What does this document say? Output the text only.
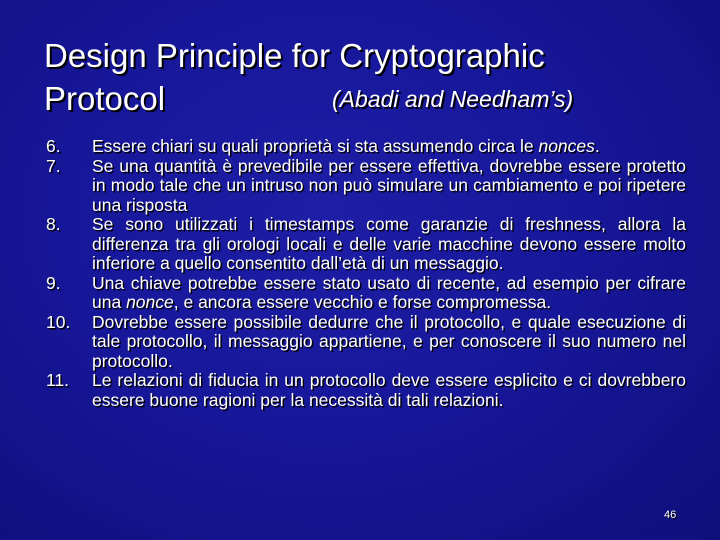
Design Principle for Cryptographic
Protocol	(Abadi and Needham’s)
6. Essere chiari su quali proprietà si sta assumendo circa le nonces.
7. Se una quantità è prevedibile per essere effettiva, dovrebbe essere protetto in modo tale che un intruso non può simulare un cambiamento e poi ripetere una risposta
8. Se sono utilizzati i timestamps come garanzie di freshness, allora la differenza tra gli orologi locali e delle varie macchine devono essere molto inferiore a quello consentito dall’età di un messaggio.
9. Una chiave potrebbe essere stato usato di recente, ad esempio per cifrare una nonce, e ancora essere vecchio e forse compromessa.
10. Dovrebbe essere possibile dedurre che il protocollo, e quale esecuzione di tale protocollo, il messaggio appartiene, e per conoscere il suo numero nel protocollo.
11. Le relazioni di fiducia in un protocollo deve essere esplicito e ci dovrebbero essere buone ragioni per la necessità di tali relazioni.
46
